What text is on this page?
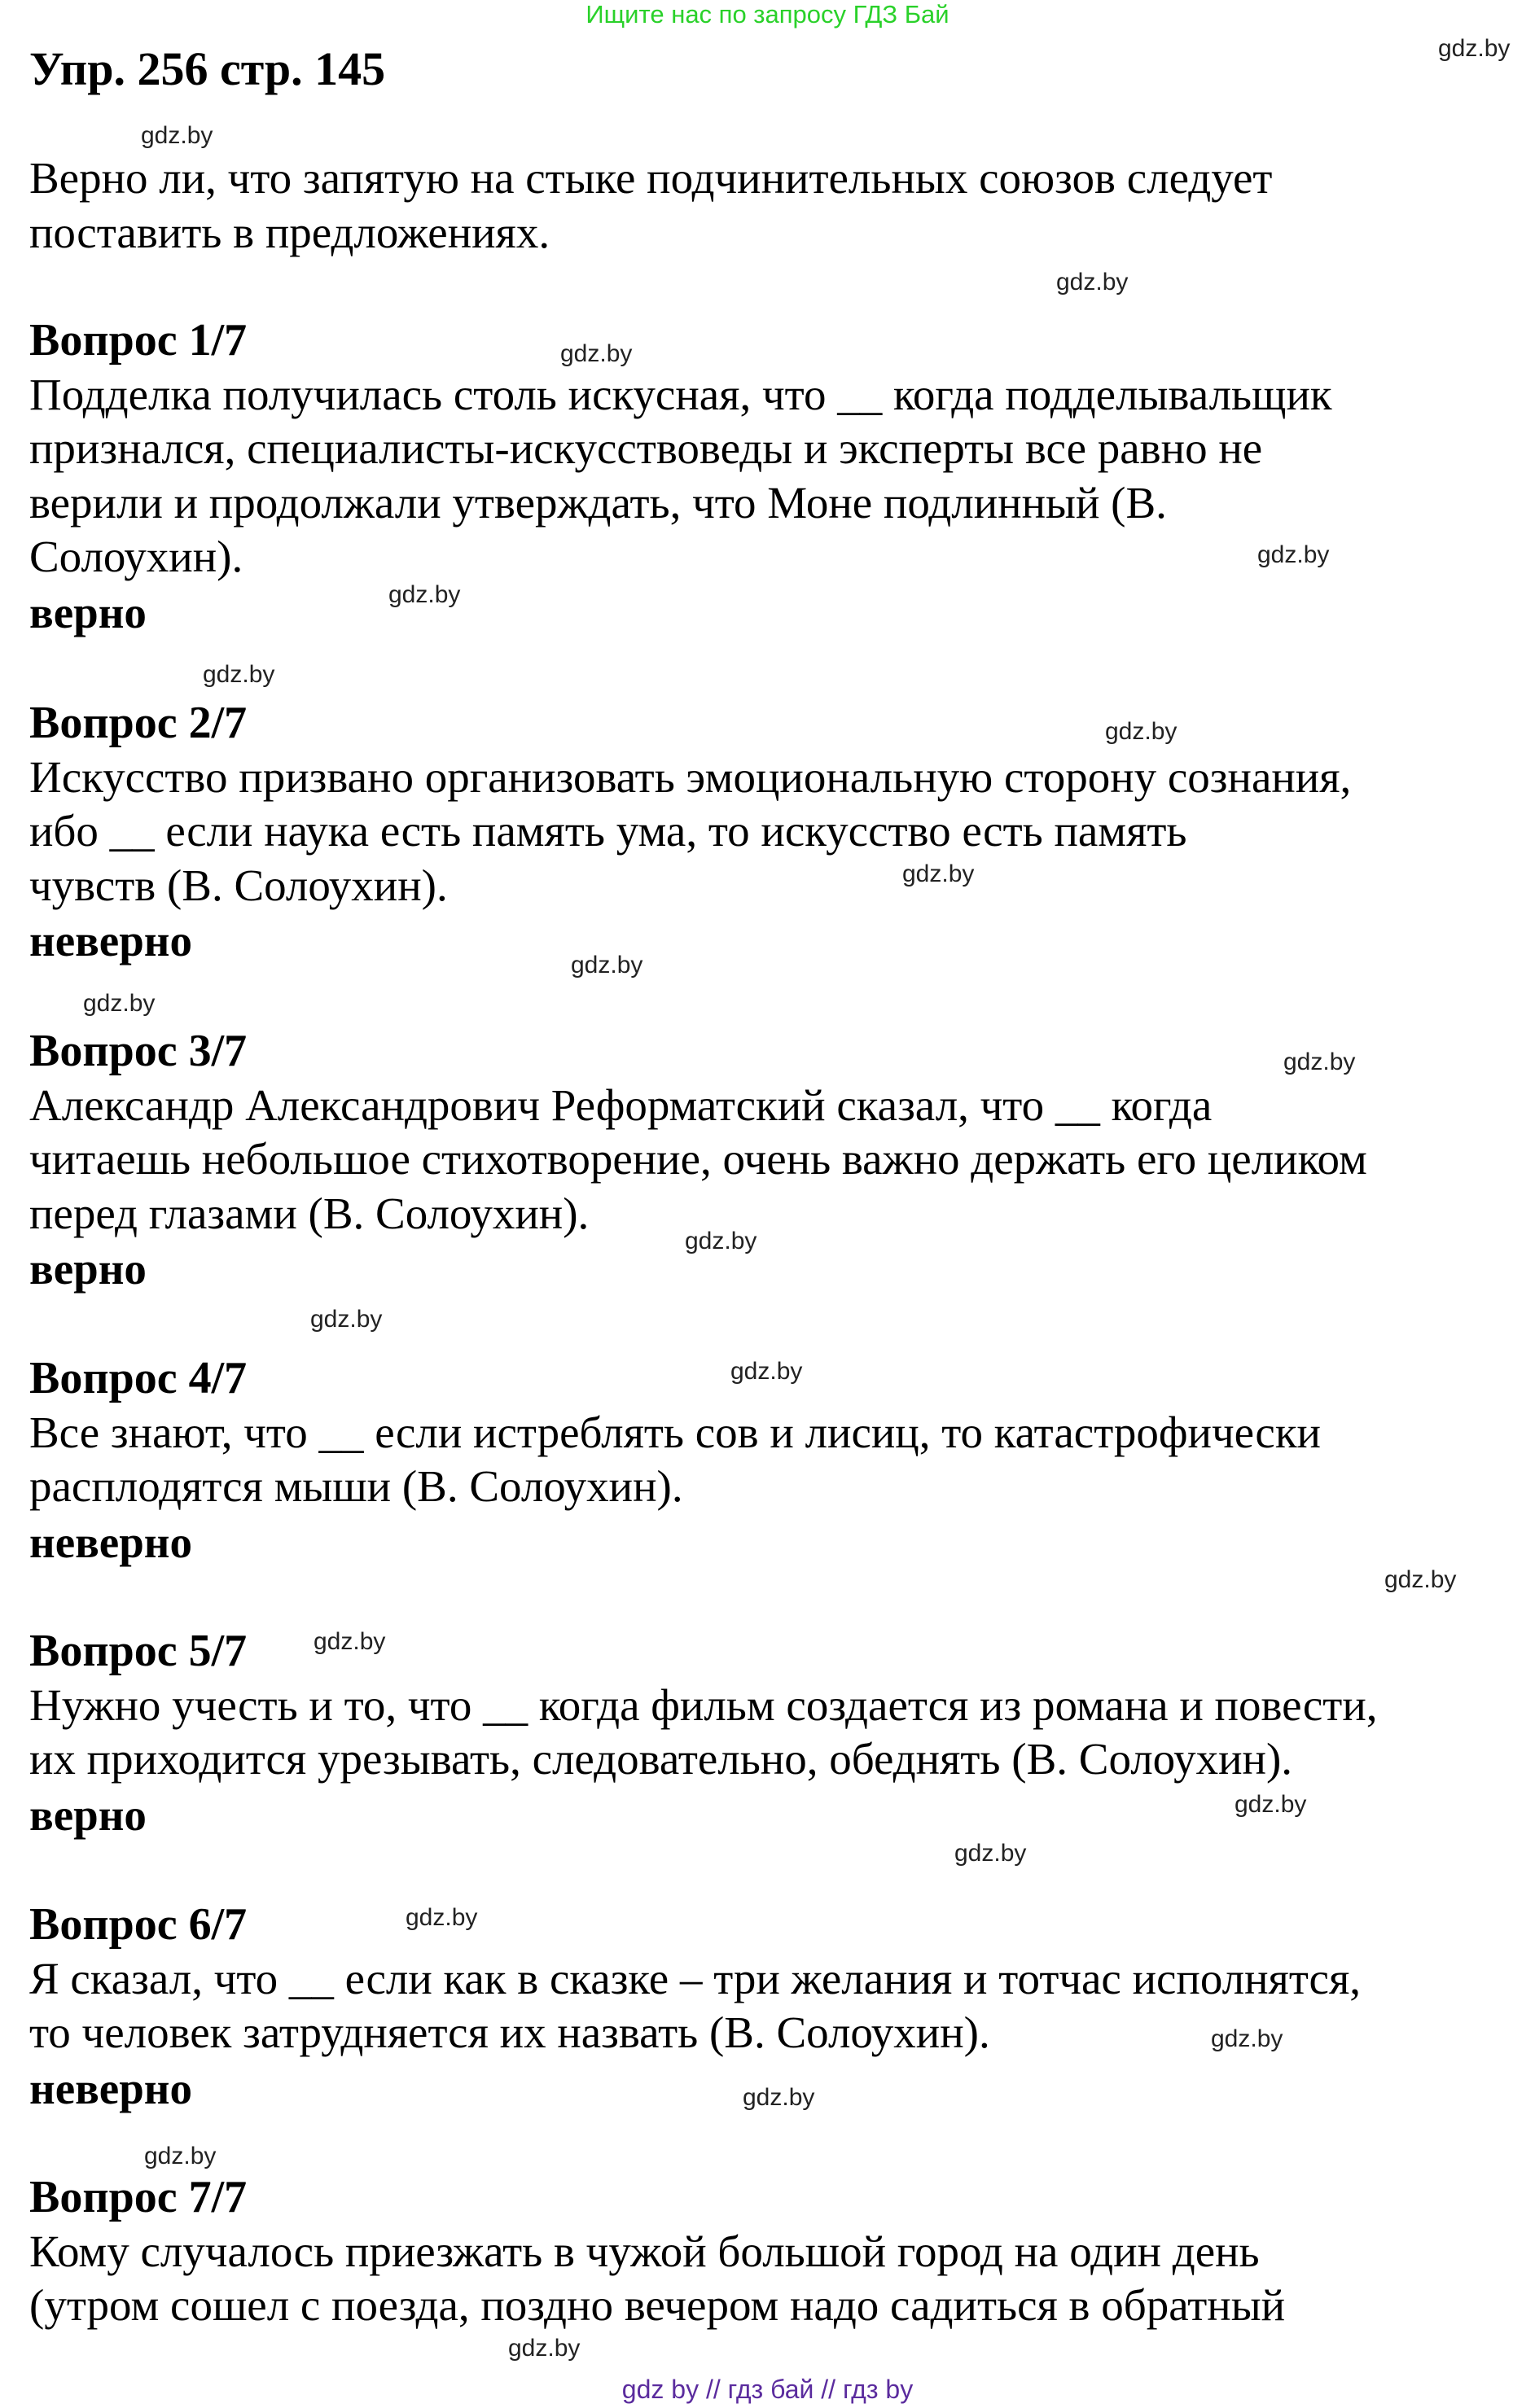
Ищите нас по запросу ГДЗ Бай
Упр. 256 стр. 145
Верно ли, что запятую на стыке подчинительных союзов следует
поставить в предложениях.
Вопрос 1/7
Подделка получилась столь искусная, что __ когда подделывальщик
признался, специалисты-искусствоведы и эксперты все равно не
верили и продолжали утверждать, что Моне подлинный (В.
Солоухин).
верно
Вопрос 2/7
Искусство призвано организовать эмоциональную сторону сознания,
ибо __ если наука есть память ума, то искусство есть память
чувств (В. Солоухин).
неверно
Вопрос 3/7
Александр Александрович Реформатский сказал, что __ когда
читаешь небольшое стихотворение, очень важно держать его целиком
перед глазами (В. Солоухин).
верно
Вопрос 4/7
Все знают, что __ если истреблять сов и лисиц, то катастрофически
расплодятся мыши (В. Солоухин).
неверно
Вопрос 5/7
Нужно учесть и то, что __ когда фильм создается из романа и повести,
их приходится урезывать, следовательно, обеднять (В. Солоухин).
верно
Вопрос 6/7
Я сказал, что __ если как в сказке – три желания и тотчас исполнятся,
то человек затрудняется их назвать (В. Солоухин).
неверно
Вопрос 7/7
Кому случалось приезжать в чужой большой город на один день
(утром сошел с поезда, поздно вечером надо садиться в обратный
gdz.by
gdz.by
gdz.by
gdz.by
gdz.by
gdz.by
gdz.by
gdz.by
gdz.by
gdz.by
gdz.by
gdz.by
gdz.by
gdz.by
gdz.by
gdz.by
gdz.by
gdz.by
gdz.by
gdz.by
gdz.by
gdz.by
gdz.by
gdz.by
gdz by // гдз бай // гдз by
